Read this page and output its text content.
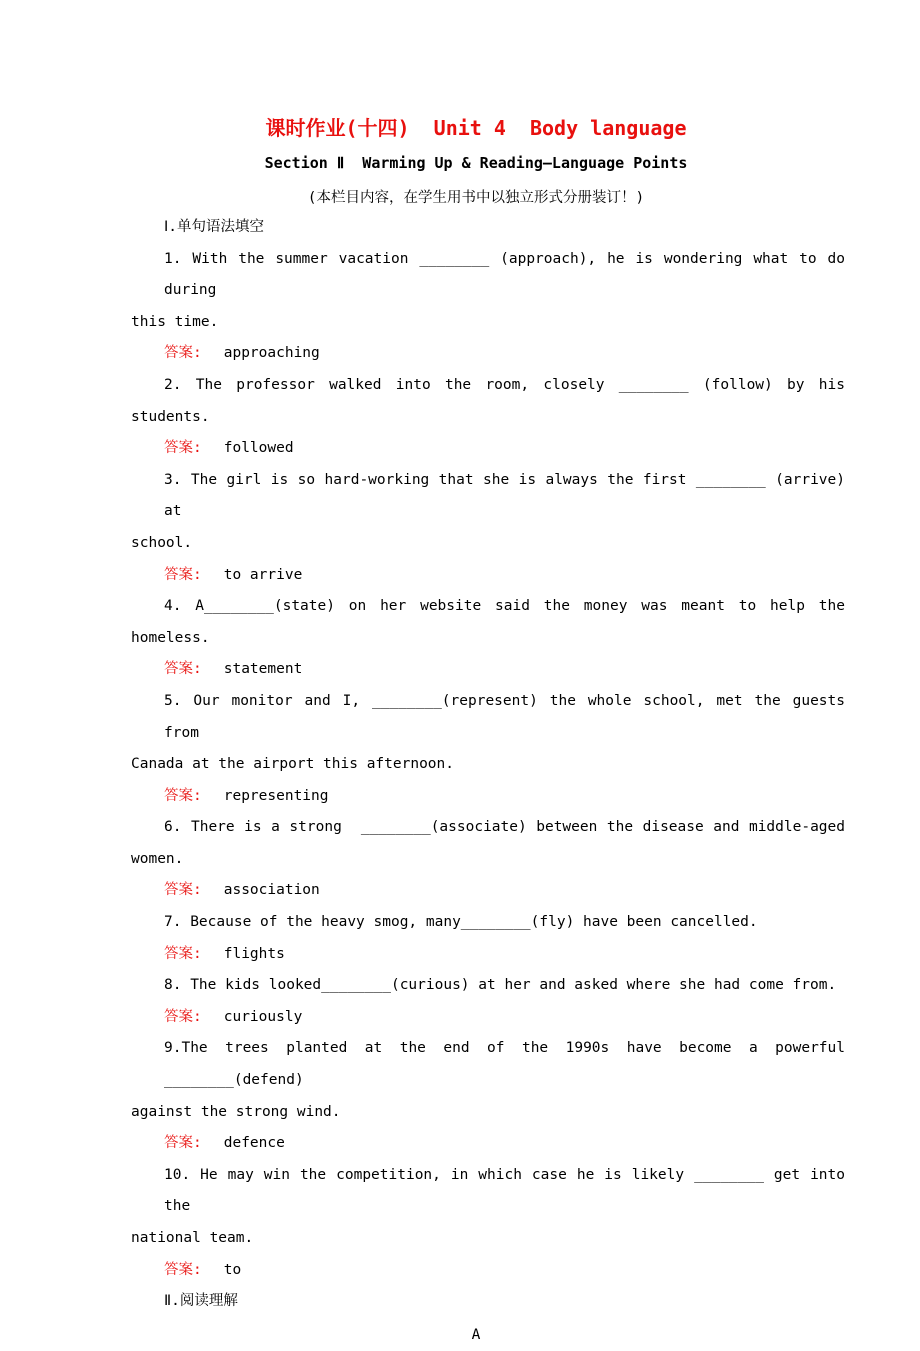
课时作业(十四)  Unit 4  Body language
Section Ⅱ  Warming Up & Reading—Language Points
(本栏目内容，在学生用书中以独立形式分册装订！)
Ⅰ.单句语法填空
1. With the summer vacation ________ (approach), he is wondering what to do during
this time.
答案: approaching
2. The professor walked into the room, closely ________ (follow) by his
students.
答案: followed
3. The girl is so hard-working that she is always the first ________ (arrive) at
school.
答案: to arrive
4. A________(state) on her website said the money was meant to help the
homeless.
答案: statement
5. Our monitor and I, ________(represent) the whole school, met the guests from
Canada at the airport this afternoon.
答案: representing
6. There is a strong  ________(associate) between the disease and middle-aged
women.
答案: association
7. Because of the heavy smog, many________(fly) have been cancelled.
答案: flights
8. The kids looked________(curious) at her and asked where she had come from.
答案: curiously
9.The trees planted at the end of the 1990s have become a powerful  ________(defend)
against the strong wind.
答案: defence
10. He may win the competition, in which case he is likely ________ get into the
national team.
答案: to
Ⅱ.阅读理解
A
